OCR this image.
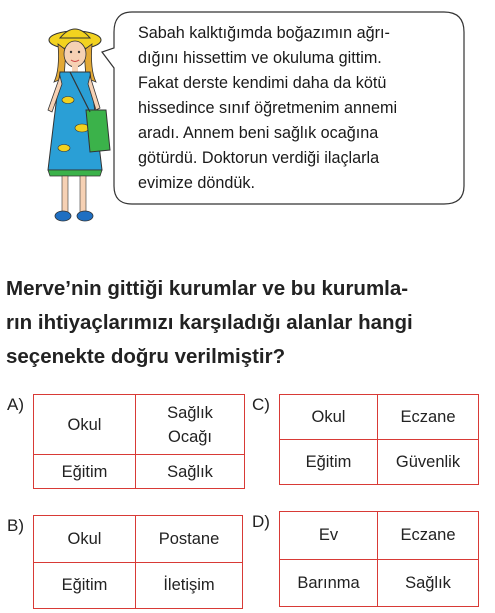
Sabah kalktığımda boğazımın ağrı-
dığını hissettim ve okuluma gittim.
Fakat derste kendimi daha da kötü
hissedince sınıf öğretmenim annemi
aradı. Annem beni sağlık ocağına
götürdü. Doktorun verdiği ilaçlarla
evimize döndük.
Merve’nin gittiği kurumlar ve bu kurumla-
rın ihtiyaçlarımızı karşıladığı alanlar hangi
seçenekte doğru verilmiştir?
A)
Okul	Sağlık
Ocağı

Eğitim	Sağlık
C)
Okul	Eczane
Eğitim	Güvenlik
B)
Okul	Postane
Eğitim	İletişim
D)
Ev	Eczane
Barınma	Sağlık
